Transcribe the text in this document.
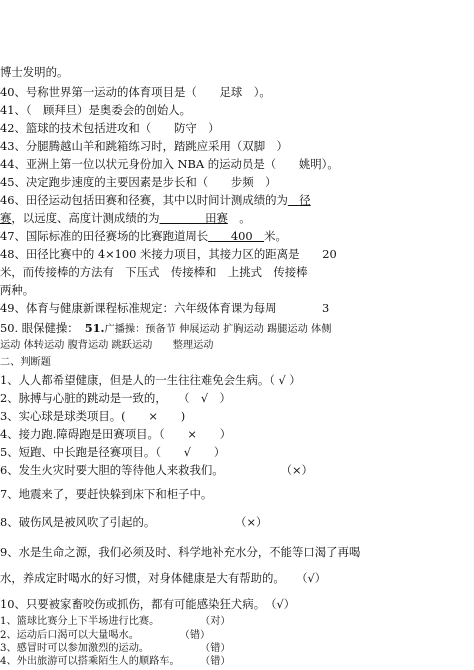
博士发明的。
40、号称世界第一运动的体育项目是（　　足球　）。
41、（　顾拜旦）是奥委会的创始人。
42、篮球的技术包括进攻和（　　防守　）
43、分腿腾越山羊和跳箱练习时，踏跳应采用（双脚　）
44、亚洲上第一位以状元身份加入 NBA 的运动员是（　　姚明）。
45、决定跑步速度的主要因素是步长和（　　步频　）
46、田径运动包括田赛和径赛，其中以时间计测成绩的为　径
赛，以远度、高度计测成绩的为　　　　田赛　。
47、国际标准的田径赛场的比赛跑道周长　　400　米。
48、田径比赛中的 4×100 米接力项目，其接力区的距离是　　20
米，而传接棒的方法有　下压式　传接棒和　上挑式　传接棒
两种。
49、体育与健康新课程标准规定：六年级体育课为每周　　　　3
50. 眼保健操： 51.广播操：预备节 伸展运动 扩胸运动 踢腿运动 体侧
运动 体转运动 腹背运动 跳跃运动　　整理运动
二、判断题
1、人人都希望健康，但是人的一生往往难免会生病。（ √ ）
2、脉搏与心脏的跳动是一致的，　　（　√　）
3、实心球是球类项目。(　　×　　)
4、接力跑.障碍跑是田赛项目。（　　×　　）
5、短跑、中长跑是径赛项目。（　　√　　）
6、发生火灾时要大胆的等待他人来救我们。　　　　　　（×）
7、地震来了，要赶快躲到床下和柜子中。
8、破伤风是被风吹了引起的。　　　　　　　　（×）
9、水是生命之源，我们必须及时、科学地补充水分，不能等口渴了再喝
水，养成定时喝水的好习惯，对身体健康是大有帮助的。　　（√）
10、只要被家畜咬伤或抓伤，都有可能感染狂犬病。　（√）
1、篮球比赛分上下半场进行比赛。　　　　　（对）
2、运动后口渴可以大量喝水。　　　　　（错）
3、感冒时可以参加激烈的运动。　　　　　　（错）
4、外出旅游可以搭乘陌生人的顺路车。　　　（错）
